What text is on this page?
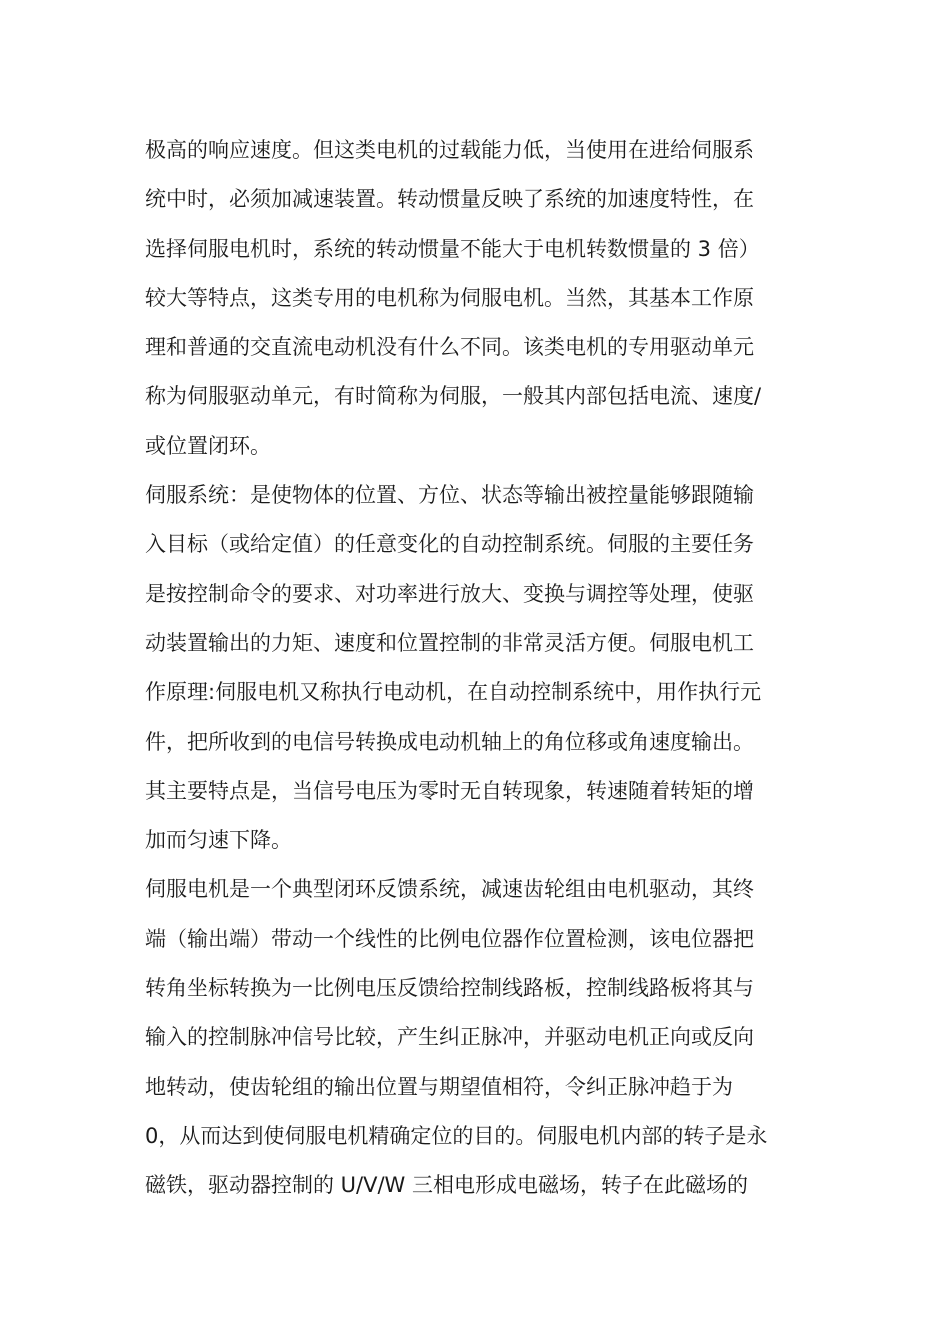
极高的响应速度。但这类电机的过载能力低，当使用在进给伺服系
统中时，必须加减速装置。转动惯量反映了系统的加速度特性，在
选择伺服电机时，系统的转动惯量不能大于电机转数惯量的 3 倍）
较大等特点，这类专用的电机称为伺服电机。当然，其基本工作原
理和普通的交直流电动机没有什么不同。该类电机的专用驱动单元
称为伺服驱动单元，有时简称为伺服，一般其内部包括电流、速度/
或位置闭环。
伺服系统：是使物体的位置、方位、状态等输出被控量能够跟随输
入目标（或给定值）的任意变化的自动控制系统。伺服的主要任务
是按控制命令的要求、对功率进行放大、变换与调控等处理，使驱
动装置输出的力矩、速度和位置控制的非常灵活方便。伺服电机工
作原理:伺服电机又称执行电动机，在自动控制系统中，用作执行元
件，把所收到的电信号转换成电动机轴上的角位移或角速度输出。
其主要特点是，当信号电压为零时无自转现象，转速随着转矩的增
加而匀速下降。
伺服电机是一个典型闭环反馈系统，减速齿轮组由电机驱动，其终
端（输出端）带动一个线性的比例电位器作位置检测，该电位器把
转角坐标转换为一比例电压反馈给控制线路板，控制线路板将其与
输入的控制脉冲信号比较，产生纠正脉冲，并驱动电机正向或反向
地转动，使齿轮组的输出位置与期望值相符，令纠正脉冲趋于为
0，从而达到使伺服电机精确定位的目的。伺服电机内部的转子是永
磁铁，驱动器控制的 U/V/W 三相电形成电磁场，转子在此磁场的
